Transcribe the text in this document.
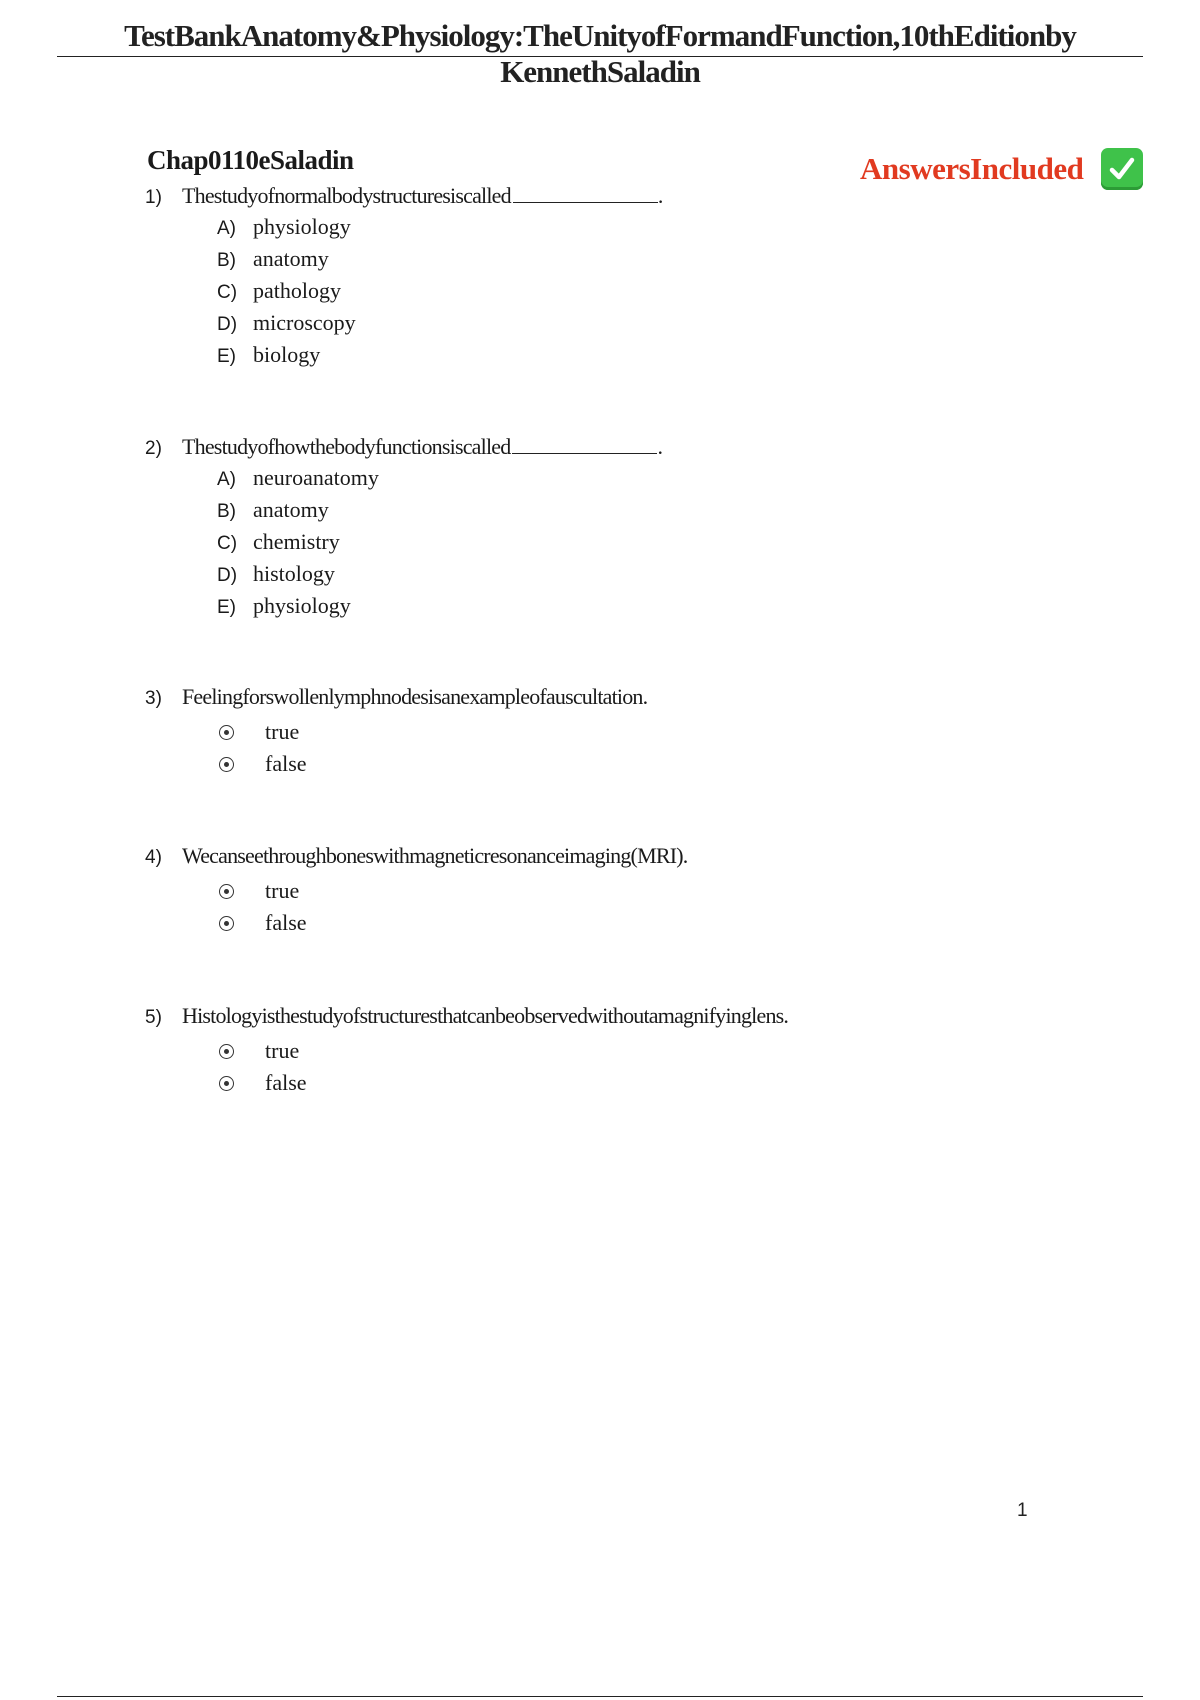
TestBankAnatomy&Physiology:TheUnityofFormandFunction,10thEditionby
KennethSaladin
Chap0110eSaladin	AnswersIncluded
1) Thestudyofnormalbodystructuresiscalled	.
A) physiology
B) anatomy
C) pathology
D) microscopy
E) biology
2) Thestudyofhowthebodyfunctionsiscalled	.
A) neuroanatomy
B) anatomy
C) chemistry
D) histology
E) physiology
3) Feelingforswollenlymphnodesisanexampleofauscultation.
true
false
4) Wecanseethroughboneswithmagneticresonanceimaging(MRI).
true
false
5) Histologyisthestudyofstructuresthatcanbeobservedwithoutamagnifyinglens.
true
false
1
